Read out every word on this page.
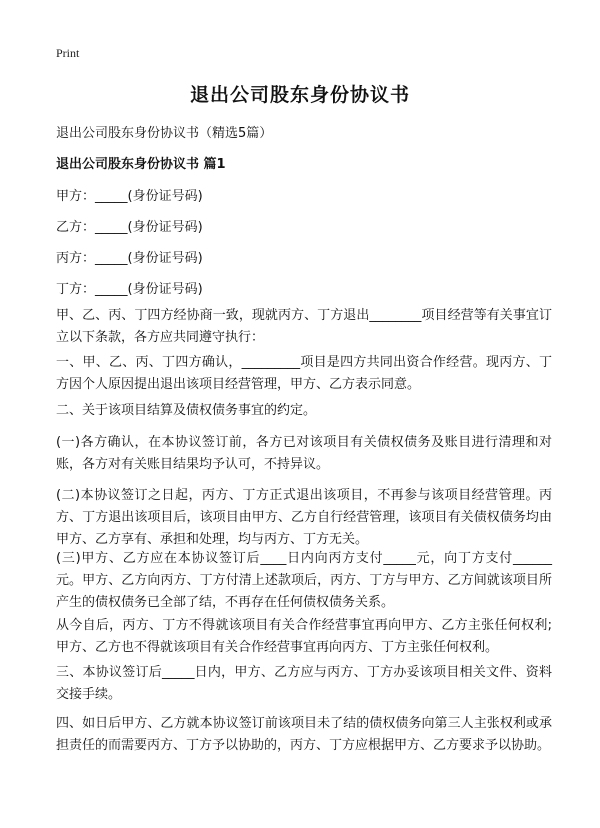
Print
退出公司股东身份协议书
退出公司股东身份协议书（精选5篇）
退出公司股东身份协议书 篇1
甲方：_____(身份证号码)
乙方：_____(身份证号码)
丙方：_____(身份证号码)
丁方：_____(身份证号码)
甲、乙、丙、丁四方经协商一致，现就丙方、丁方退出________项目经营等有关事宜订立以下条款，各方应共同遵守执行：
一、甲、乙、丙、丁四方确认，_________项目是四方共同出资合作经营。现丙方、丁方因个人原因提出退出该项目经营管理，甲方、乙方表示同意。
二、关于该项目结算及债权债务事宜的约定。
(一)各方确认，在本协议签订前，各方已对该项目有关债权债务及账目进行清理和对账，各方对有关账目结果均予认可，不持异议。
(二)本协议签订之日起，丙方、丁方正式退出该项目，不再参与该项目经营管理。丙方、丁方退出该项目后，该项目由甲方、乙方自行经营管理，该项目有关债权债务均由甲方、乙方享有、承担和处理，均与丙方、丁方无关。
(三)甲方、乙方应在本协议签订后____日内向丙方支付_____元，向丁方支付______元。甲方、乙方向丙方、丁方付清上述款项后，丙方、丁方与甲方、乙方间就该项目所产生的债权债务已全部了结，不再存在任何债权债务关系。
从今自后，丙方、丁方不得就该项目有关合作经营事宜再向甲方、乙方主张任何权利;甲方、乙方也不得就该项目有关合作经营事宜再向丙方、丁方主张任何权利。
三、本协议签订后_____日内，甲方、乙方应与丙方、丁方办妥该项目相关文件、资料交接手续。
四、如日后甲方、乙方就本协议签订前该项目未了结的债权债务向第三人主张权利或承担责任的而需要丙方、丁方予以协助的，丙方、丁方应根据甲方、乙方要求予以协助。
